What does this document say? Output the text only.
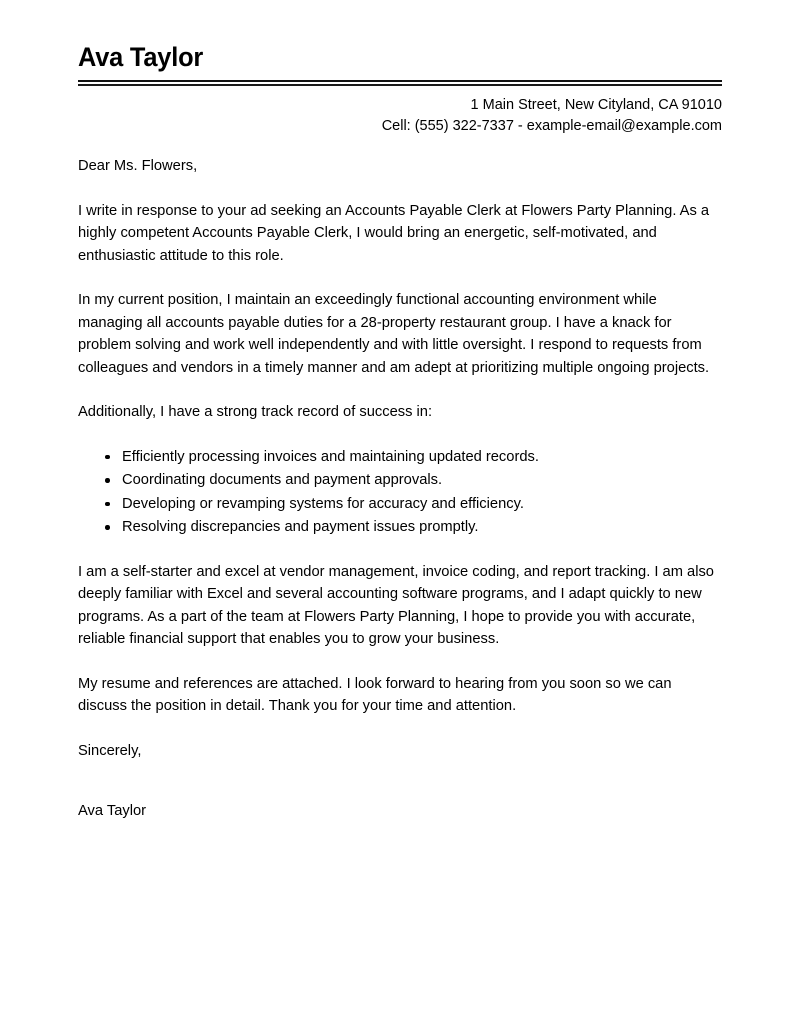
Ava Taylor
1 Main Street, New Cityland, CA 91010
Cell: (555) 322-7337 - example-email@example.com

Dear Ms. Flowers,

I write in response to your ad seeking an Accounts Payable Clerk at Flowers Party Planning. As a highly competent Accounts Payable Clerk, I would bring an energetic, self-motivated, and enthusiastic attitude to this role.

In my current position, I maintain an exceedingly functional accounting environment while managing all accounts payable duties for a 28-property restaurant group. I have a knack for problem solving and work well independently and with little oversight. I respond to requests from colleagues and vendors in a timely manner and am adept at prioritizing multiple ongoing projects.

Additionally, I have a strong track record of success in:

Efficiently processing invoices and maintaining updated records.
Coordinating documents and payment approvals.
Developing or revamping systems for accuracy and efficiency.
Resolving discrepancies and payment issues promptly.

I am a self-starter and excel at vendor management, invoice coding, and report tracking. I am also deeply familiar with Excel and several accounting software programs, and I adapt quickly to new programs. As a part of the team at Flowers Party Planning, I hope to provide you with accurate, reliable financial support that enables you to grow your business.

My resume and references are attached. I look forward to hearing from you soon so we can discuss the position in detail. Thank you for your time and attention.

Sincerely,

Ava Taylor
